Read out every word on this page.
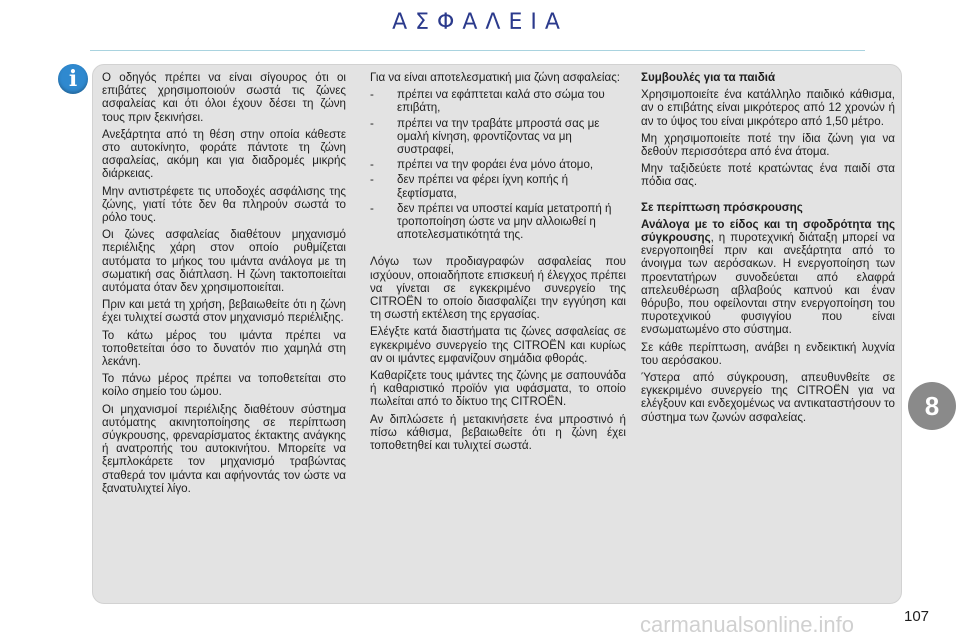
ΑΣΦΑΛΕΙΑ
i	Ο οδηγός πρέπει να είναι σίγουρος ότι οι επιβάτες χρησιμοποιούν σωστά τις ζώνες ασφαλείας και ότι όλοι έχουν δέσει τη ζώνη τους πριν ξεκινήσει.

Ανεξάρτητα από τη θέση στην οποία κάθεστε στο αυτοκίνητο, φοράτε πάντοτε τη ζώνη ασφαλείας, ακόμη και για διαδρομές μικρής διάρκειας.

Μην αντιστρέφετε τις υποδοχές ασφάλισης της ζώνης, γιατί τότε δεν θα πληρούν σωστά το ρόλο τους.

Οι ζώνες ασφαλείας διαθέτουν μηχανισμό περιέλιξης χάρη στον οποίο ρυθμίζεται αυτόματα το μήκος του ιμάντα ανάλογα με τη σωματική σας διάπλαση. Η ζώνη τακτοποιείται αυτόματα όταν δεν χρησιμοποιείται.

Πριν και μετά τη χρήση, βεβαιωθείτε ότι η ζώνη έχει τυλιχτεί σωστά στον μηχανισμό περιέλιξης.

Το κάτω μέρος του ιμάντα πρέπει να τοποθετείται όσο το δυνατόν πιο χαμηλά στη λεκάνη.

Το πάνω μέρος πρέπει να τοποθετείται στο κοίλο σημείο του ώμου.

Οι μηχανισμοί περιέλιξης διαθέτουν σύστημα αυτόματης ακινητοποίησης σε περίπτωση σύγκρουσης, φρεναρίσματος έκτακτης ανάγκης ή ανατροπής του αυτοκινήτου. Μπορείτε να ξεμπλοκάρετε τον μηχανισμό τραβώντας σταθερά τον ιμάντα και αφήνοντάς τον ώστε να ξανατυλιχτεί λίγο.

Για να είναι αποτελεσματική μια ζώνη ασφαλείας:

- πρέπει να εφάπτεται καλά στο σώμα του επιβάτη,
- πρέπει να την τραβάτε μπροστά σας με ομαλή κίνηση, φροντίζοντας να μη συστραφεί,
- πρέπει να την φοράει ένα μόνο άτομο,
- δεν πρέπει να φέρει ίχνη κοπής ή ξεφτίσματα,
- δεν πρέπει να υποστεί καμία μετατροπή ή τροποποίηση ώστε να μην αλλοιωθεί η αποτελεσματικότητά της.

Λόγω των προδιαγραφών ασφαλείας που ισχύουν, οποιαδήποτε επισκευή ή έλεγχος πρέπει να γίνεται σε εγκεκριμένο συνεργείο της CITROËN το οποίο διασφαλίζει την εγγύηση και τη σωστή εκτέλεση της εργασίας.

Ελέγξτε κατά διαστήματα τις ζώνες ασφαλείας σε εγκεκριμένο συνεργείο της CITROËN και κυρίως αν οι ιμάντες εμφανίζουν σημάδια φθοράς.

Καθαρίζετε τους ιμάντες της ζώνης με σαπουνάδα ή καθαριστικό προϊόν για υφάσματα, το οποίο πωλείται από το δίκτυο της CITROËN.

Αν διπλώσετε ή μετακινήσετε ένα μπροστινό ή πίσω κάθισμα, βεβαιωθείτε ότι η ζώνη έχει τοποθετηθεί και τυλιχτεί σωστά.

Συμβουλές για τα παιδιά

Χρησιμοποιείτε ένα κατάλληλο παιδικό κάθισμα, αν ο επιβάτης είναι μικρότερος από 12 χρονών ή αν το ύψος του είναι μικρότερο από 1,50 μέτρο.

Μη χρησιμοποιείτε ποτέ την ίδια ζώνη για να δεθούν περισσότερα από ένα άτομα.

Μην ταξιδεύετε ποτέ κρατώντας ένα παιδί στα πόδια σας.

Σε περίπτωση πρόσκρουσης

Ανάλογα με το είδος και τη σφοδρότητα της σύγκρουσης, η πυροτεχνική διάταξη μπορεί να ενεργοποιηθεί πριν και ανεξάρτητα από το άνοιγμα των αερόσακων. Η ενεργοποίηση των προεντατήρων συνοδεύεται από ελαφρά απελευθέρωση αβλαβούς καπνού και έναν θόρυβο, που οφείλονται στην ενεργοποίηση του πυροτεχνικού φυσιγγίου που είναι ενσωματωμένο στο σύστημα.

Σε κάθε περίπτωση, ανάβει η ενδεικτική λυχνία του αερόσακου.

Ύστερα από σύγκρουση, απευθυνθείτε σε εγκεκριμένο συνεργείο της CITROËN για να ελέγξουν και ενδεχομένως να αντικαταστήσουν το σύστημα των ζωνών ασφαλείας.	8
107
carmanualsonline.info
